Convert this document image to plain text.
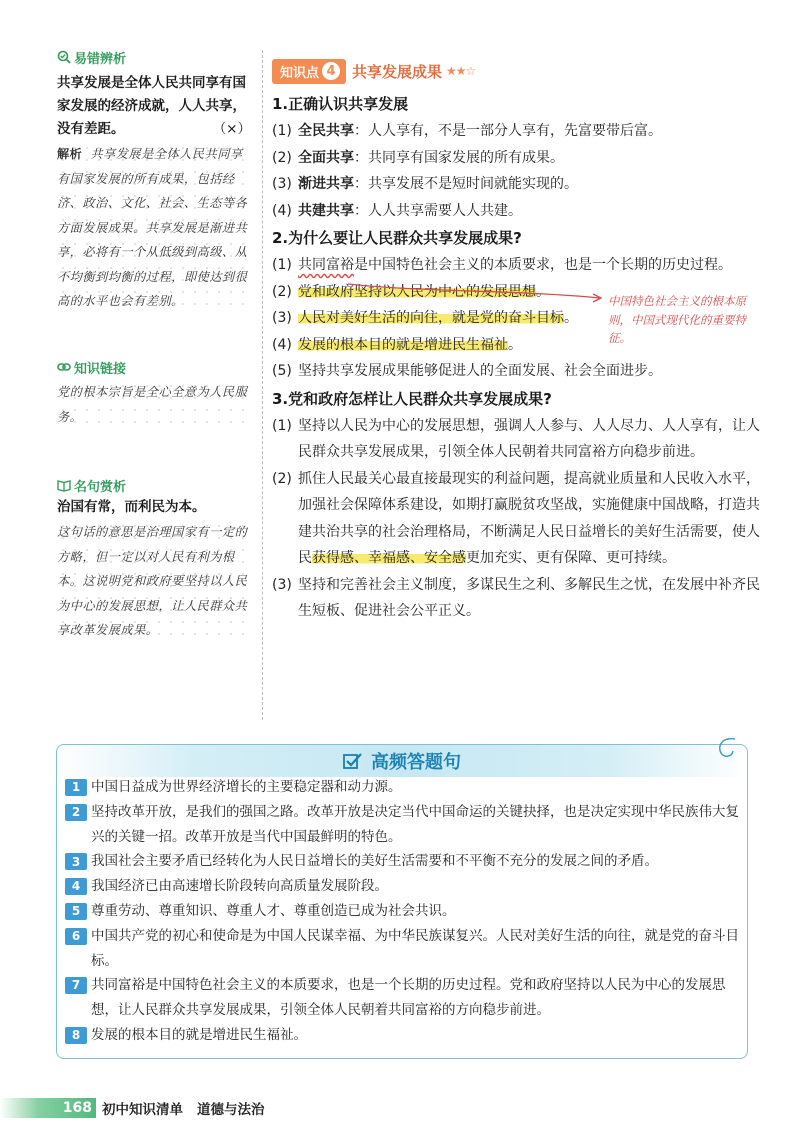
易错辨析
共享发展是全体人民共同享有国家发展的经济成就，人人共享，没有差距。	（×）
解析 共享发展是全体人民共同享有国家发展的所有成果，包括经济、政治、文化、社会、生态等各方面发展成果。共享发展是渐进共享，必将有一个从低级到高级、从不均衡到均衡的过程，即使达到很高的水平也会有差别。
知识链接
党的根本宗旨是全心全意为人民服务。
名句赏析
治国有常，而利民为本。
这句话的意思是治理国家有一定的方略，但一定以对人民有利为根本。这说明党和政府要坚持以人民为中心的发展思想，让人民群众共享改革发展成果。
知识点 4 共享发展成果 ★★☆
1.正确认识共享发展
(1) 全民共享：人人享有，不是一部分人享有，先富要带后富。
(2) 全面共享：共同享有国家发展的所有成果。
(3) 渐进共享：共享发展不是短时间就能实现的。
(4) 共建共享：人人共享需要人人共建。
2.为什么要让人民群众共享发展成果?
(1) 共同富裕是中国特色社会主义的本质要求，也是一个长期的历史过程。
(2) 党和政府坚持以人民为中心的发展思想。
(3) 人民对美好生活的向往，就是党的奋斗目标。
(4) 发展的根本目的就是增进民生福祉。
(5) 坚持共享发展成果能够促进人的全面发展、社会全面进步。
3.党和政府怎样让人民群众共享发展成果?
(1) 坚持以人民为中心的发展思想，强调人人参与、人人尽力、人人享有，让人民群众共享发展成果，引领全体人民朝着共同富裕方向稳步前进。
(2) 抓住人民最关心最直接最现实的利益问题，提高就业质量和人民收入水平，加强社会保障体系建设，如期打赢脱贫攻坚战，实施健康中国战略，打造共建共治共享的社会治理格局，不断满足人民日益增长的美好生活需要，使人民获得感、幸福感、安全感更加充实、更有保障、更可持续。
(3) 坚持和完善社会主义制度，多谋民生之利、多解民生之忧，在发展中补齐民生短板、促进社会公平正义。
中国特色社会主义的根本原则，中国式现代化的重要特征。
高频答题句
1 中国日益成为世界经济增长的主要稳定器和动力源。
2 坚持改革开放，是我们的强国之路。改革开放是决定当代中国命运的关键抉择，也是决定实现中华民族伟大复兴的关键一招。改革开放是当代中国最鲜明的特色。
3 我国社会主要矛盾已经转化为人民日益增长的美好生活需要和不平衡不充分的发展之间的矛盾。
4 我国经济已由高速增长阶段转向高质量发展阶段。
5 尊重劳动、尊重知识、尊重人才、尊重创造已成为社会共识。
6 中国共产党的初心和使命是为中国人民谋幸福、为中华民族谋复兴。人民对美好生活的向往，就是党的奋斗目标。
7 共同富裕是中国特色社会主义的本质要求，也是一个长期的历史过程。党和政府坚持以人民为中心的发展思想，让人民群众共享发展成果，引领全体人民朝着共同富裕的方向稳步前进。
8 发展的根本目的就是增进民生福祉。
168 初中知识清单 道德与法治
